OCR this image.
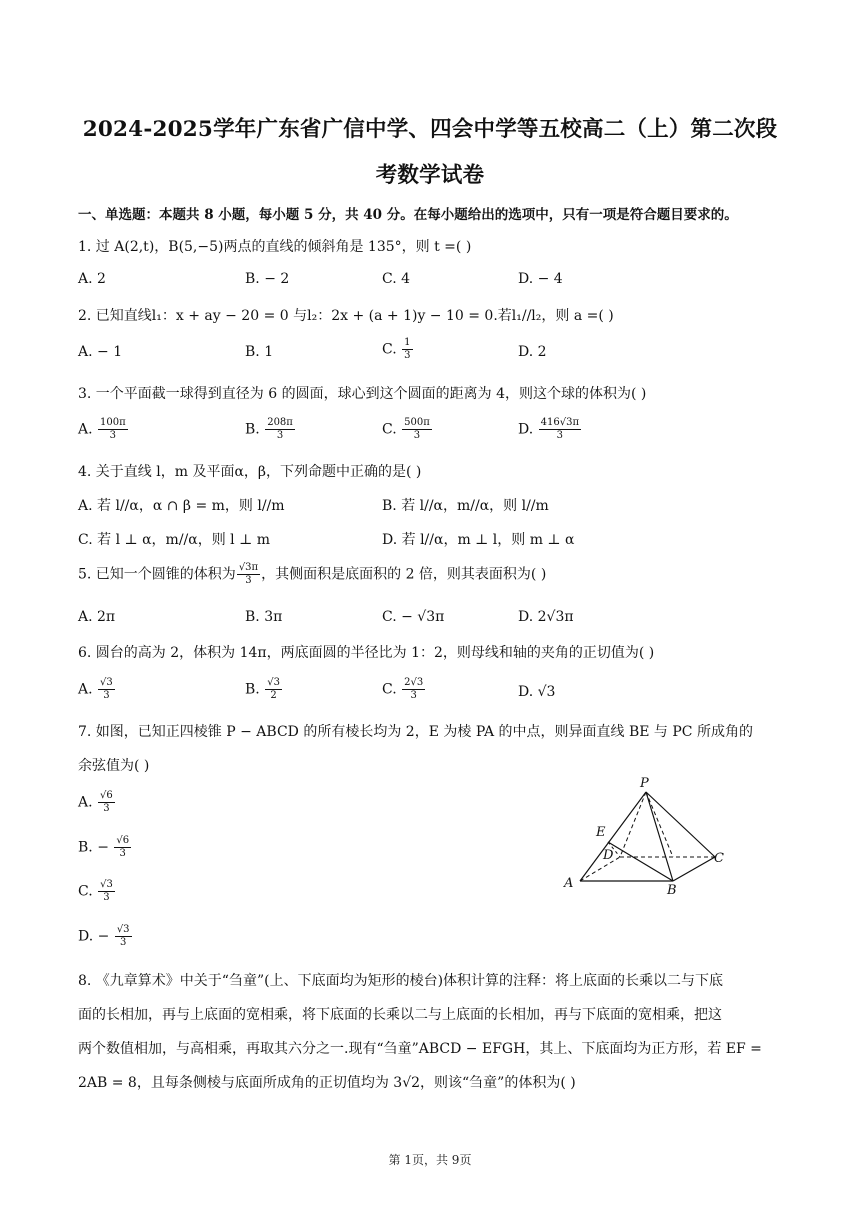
2024-2025学年广东省广信中学、四会中学等五校高二（上）第二次段
考数学试卷
一、单选题：本题共 8 小题，每小题 5 分，共 40 分。在每小题给出的选项中，只有一项是符合题目要求的。
1. 过 A(2,t)，B(5,−5)两点的直线的倾斜角是 135°，则 t =( )
A. 2	B. − 2	C. 4	D. − 4
2. 已知直线l₁：x + ay − 20 = 0 与l₂：2x + (a + 1)y − 10 = 0.若l₁//l₂，则 a =( )
A. − 1	B. 1	C. $\frac{1}{3}$	D. 2
3. 一个平面截一球得到直径为 6 的圆面，球心到这个圆面的距离为 4，则这个球的体积为( )
A. $\frac{100\pi}{3}$	B. $\frac{208\pi}{3}$	C. $\frac{500\pi}{3}$	D. $\frac{416√3\pi}{3}$
4. 关于直线 l，m 及平面α，β，下列命题中正确的是( )
A. 若 l//α，α ∩ β = m，则 l//m	B. 若 l//α，m//α，则 l//m
C. 若 l ⊥ α，m//α，则 l ⊥ m	D. 若 l//α，m ⊥ l，则 m ⊥ α
5. 已知一个圆锥的体积为 $\frac{√3\pi}{3}$ ，其侧面积是底面积的 2 倍，则其表面积为( )
A. 2π	B. 3π	C. − √3π	D. 2√3π
6. 圆台的高为 2，体积为 14π，两底面圆的半径比为 1：2，则母线和轴的夹角的正切值为( )
A. $\frac{√3}{3}$	B. $\frac{√3}{2}$	C. $\frac{2√3}{3}$	D. √3
7. 如图，已知正四棱锥 P − ABCD 的所有棱长均为 2，E 为棱 PA 的中点，则异面直线 BE 与 PC 所成角的
余弦值为( )
A. $\frac{√6}{3}$
B. − $\frac{√6}{3}$
C. $\frac{√3}{3}$
D. − $\frac{√3}{3}$
P
E
D	C
A	B
8. 《九章算术》中关于“刍童”(上、下底面均为矩形的棱台)体积计算的注释：将上底面的长乘以二与下底
面的长相加，再与上底面的宽相乘，将下底面的长乘以二与上底面的长相加，再与下底面的宽相乘，把这
两个数值相加，与高相乘，再取其六分之一.现有“刍童”ABCD − EFGH，其上、下底面均为正方形，若 EF =
2AB = 8，且每条侧棱与底面所成角的正切值均为 3√2，则该“刍童”的体积为( )
第 1页，共 9页
